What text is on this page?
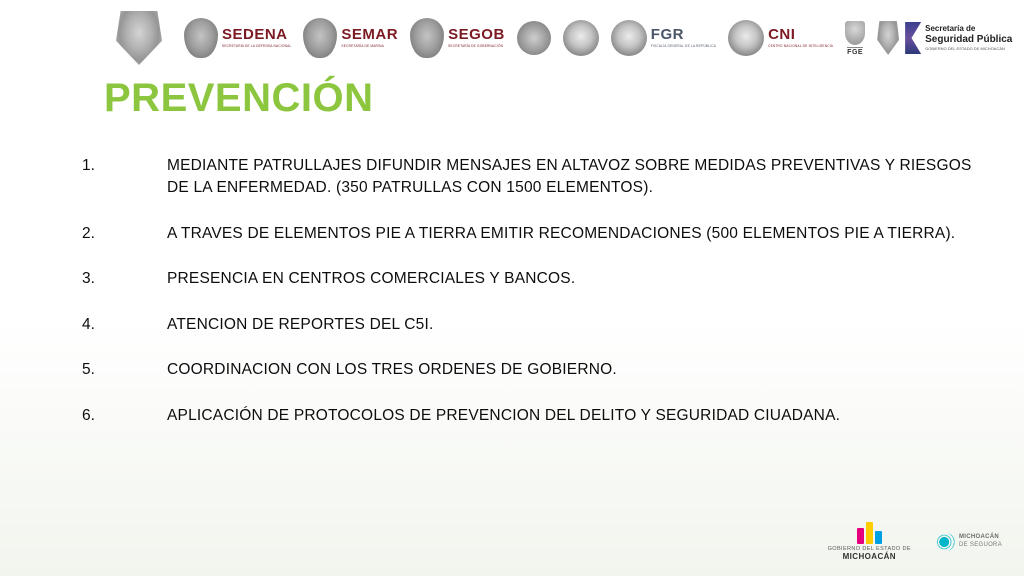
SEDENA
SECRETARÍA DE LA DEFENSA NACIONAL
SEMAR
SECRETARÍA DE MARINA
SEGOB
SECRETARÍA DE GOBERNACIÓN
FGR
FISCALÍA GENERAL DE LA REPÚBLICA
CNI
CENTRO NACIONAL DE INTELIGENCIA
FGE
Secretaría de
Seguridad Pública
GOBIERNO DEL ESTADO DE MICHOACÁN
PREVENCIÓN
1.	MEDIANTE PATRULLAJES DIFUNDIR MENSAJES EN ALTAVOZ SOBRE MEDIDAS PREVENTIVAS Y RIESGOS DE LA ENFERMEDAD. (350 PATRULLAS CON 1500 ELEMENTOS).
2.	A TRAVES DE ELEMENTOS PIE A TIERRA EMITIR RECOMENDACIONES (500 ELEMENTOS PIE A TIERRA).
3.	PRESENCIA EN CENTROS COMERCIALES Y BANCOS.
4.	ATENCION DE REPORTES DEL C5I.
5.	COORDINACION CON LOS TRES ORDENES DE GOBIERNO.
6.	APLICACIÓN DE PROTOCOLOS DE PREVENCION DEL DELITO Y SEGURIDAD CIUADANA.
GOBIERNO DEL ESTADO DE
MICHOACÁN
MICHOACÁN
DE SEGUORA
